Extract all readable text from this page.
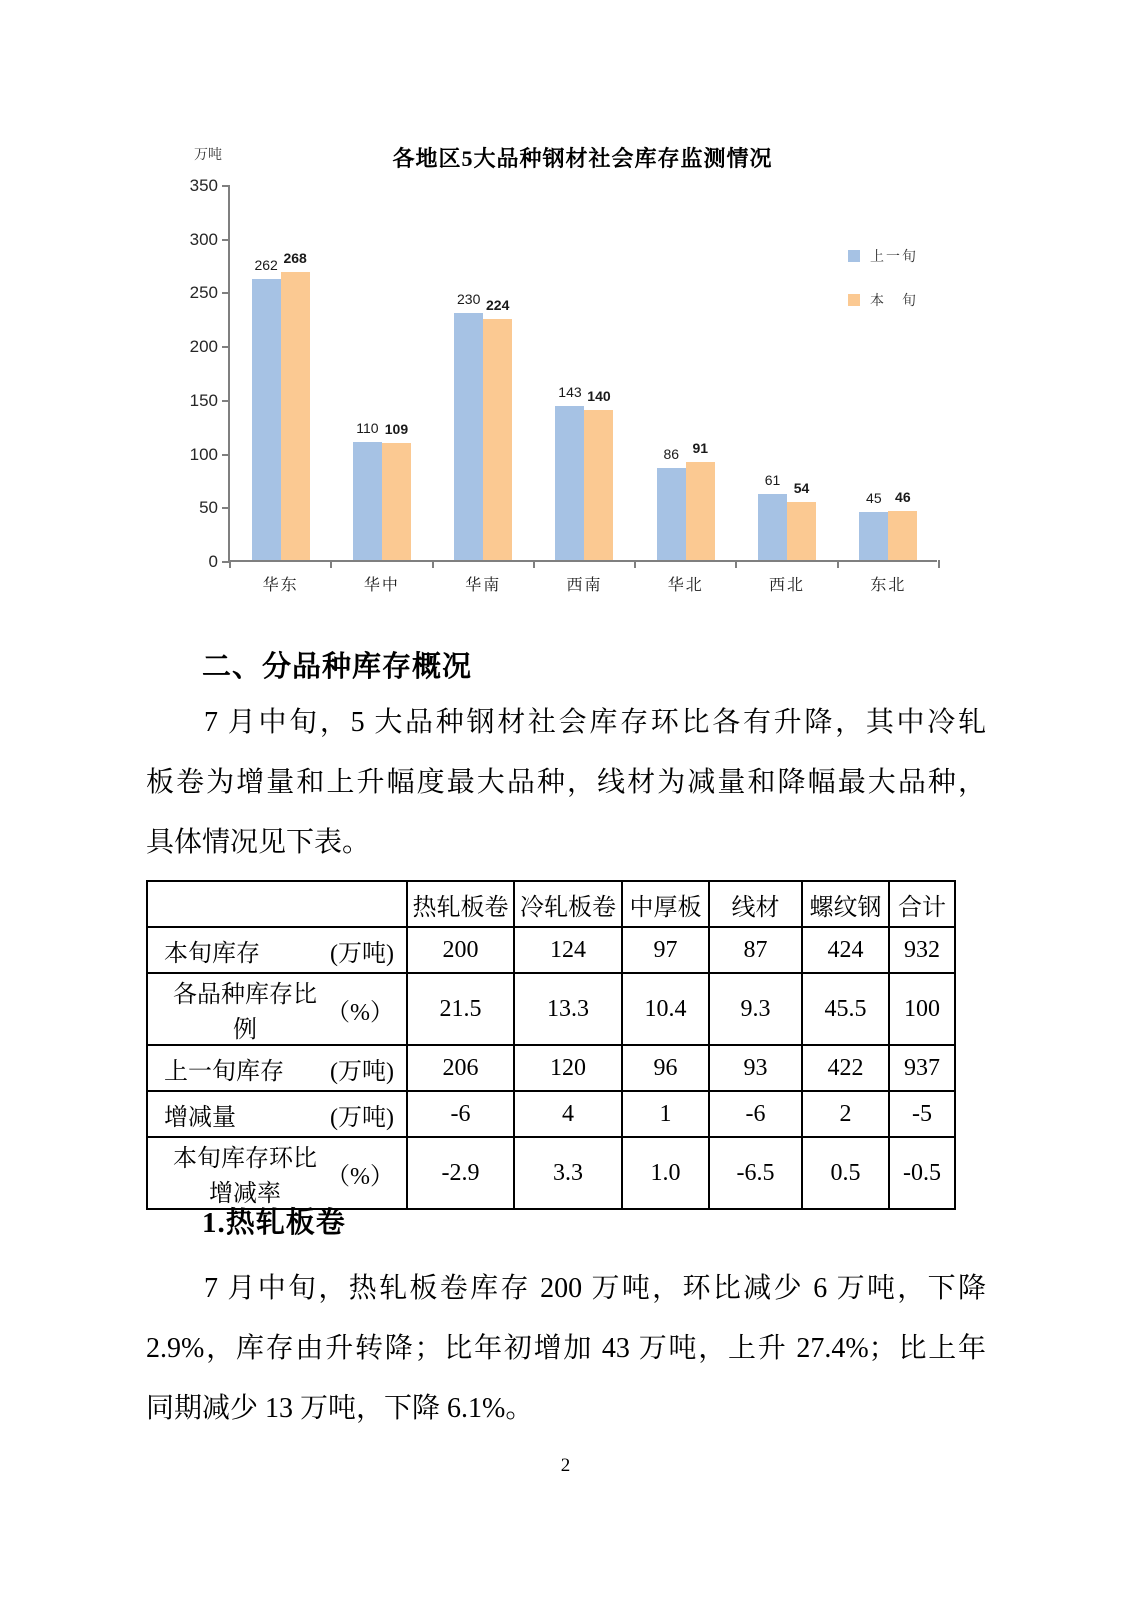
各地区5大品种钢材社会库存监测情况
万吨
0
50
100
150
200
250
300
350
262 268
华东
110 109
华中
230 224
华南
143 140
西南
86 91
华北
61 54
西北
45 46
东北
上一旬
本　旬
二、分品种库存概况
7 月中旬，5 大品种钢材社会库存环比各有升降，其中冷轧
板卷为增量和上升幅度最大品种，线材为减量和降幅最大品种，
具体情况见下表。
	热轧板卷	冷轧板卷	中厚板	线材	螺纹钢	合计

本旬库存 (万吨)	200	124	97	87	424	932

各品种库存比例
（%）	21.5	13.3	10.4	9.3	45.5	100

上一旬库存 (万吨)	206	120	96	93	422	937

增减量 (万吨)	-6	4	1	-6	2	-5

本旬库存环比增减率
（%）	-2.9	3.3	1.0	-6.5	0.5	-0.5
1.热轧板卷
7 月中旬，热轧板卷库存 200 万吨，环比减少 6 万吨，下降
2.9%，库存由升转降；比年初增加 43 万吨，上升 27.4%；比上年
同期减少 13 万吨，下降 6.1%。
2
